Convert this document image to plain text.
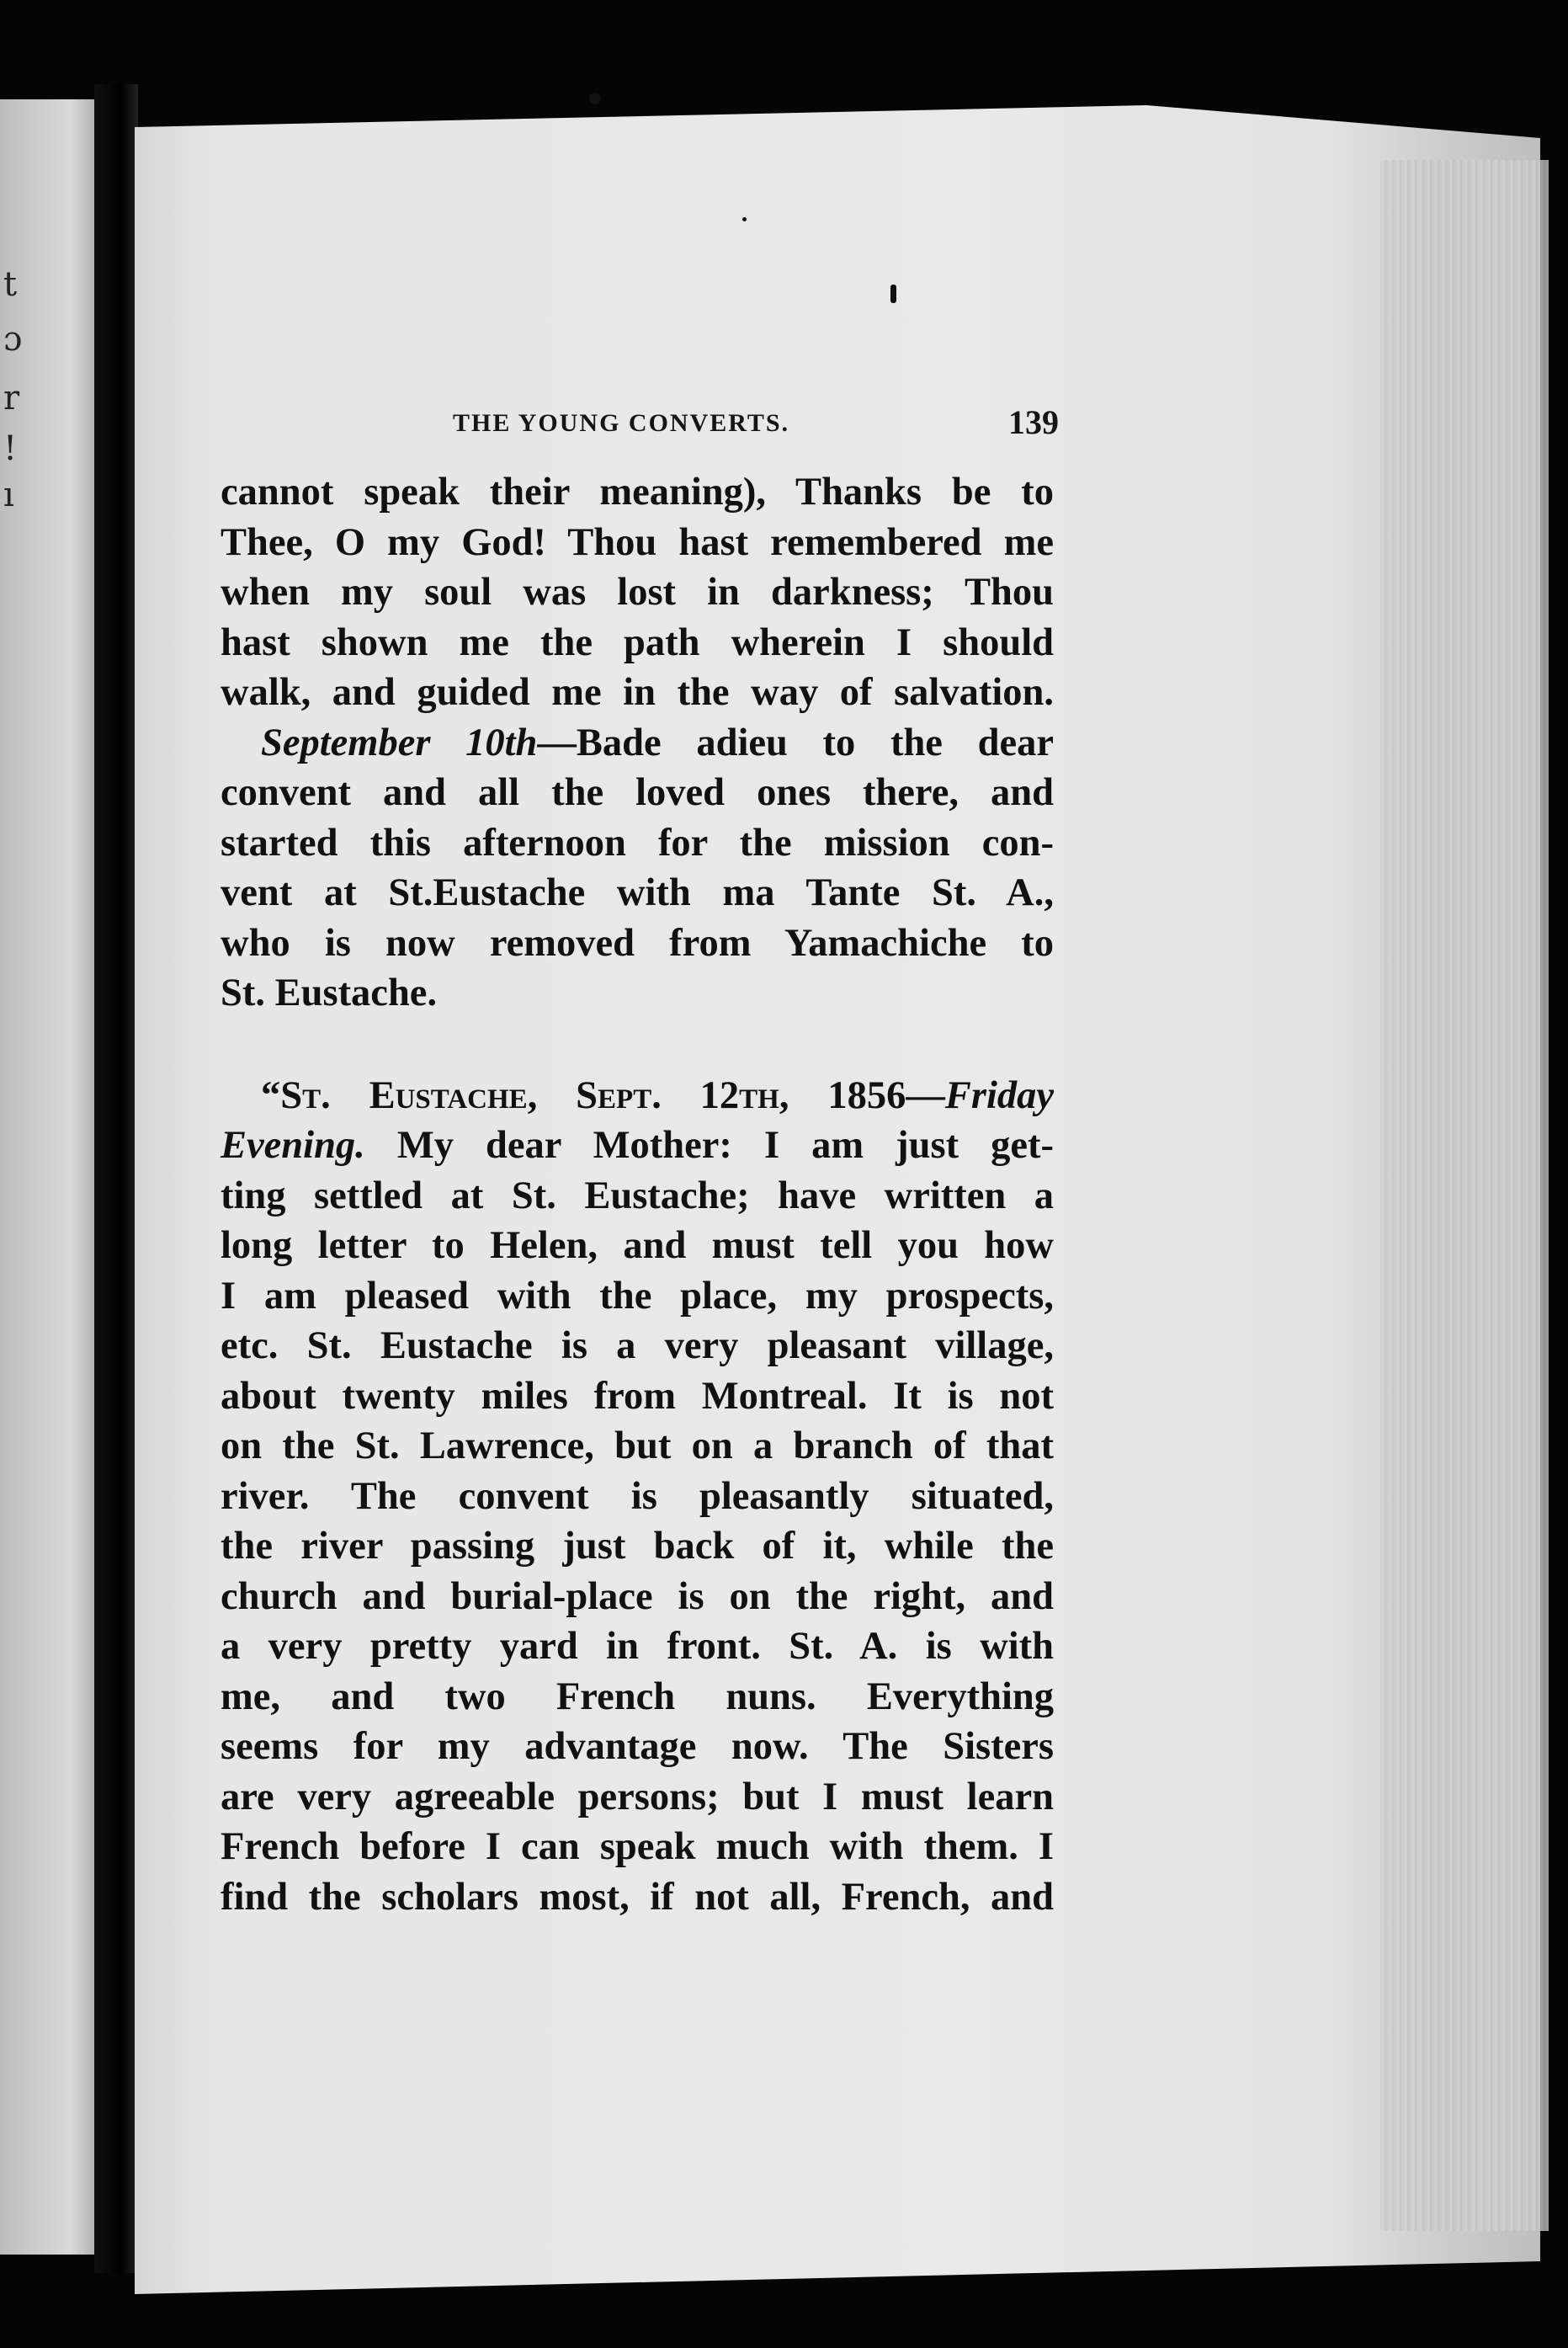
t
ɔ
r
!
ı
THE YOUNG CONVERTS.	139
cannot speak their meaning), Thanks be to
Thee, O my God! Thou hast remembered me
when my soul was lost in darkness; Thou
hast shown me the path wherein I should
walk, and guided me in the way of salvation.
September 10th—Bade adieu to the dear
convent and all the loved ones there, and
started this afternoon for the mission con-
vent at St.Eustache with ma Tante St. A.,
who is now removed from Yamachiche to
St. Eustache.
“St. Eustache, Sept. 12th, 1856—Friday
Evening. My dear Mother: I am just get-
ting settled at St. Eustache; have written a
long letter to Helen, and must tell you how
I am pleased with the place, my prospects,
etc. St. Eustache is a very pleasant village,
about twenty miles from Montreal. It is not
on the St. Lawrence, but on a branch of that
river. The convent is pleasantly situated,
the river passing just back of it, while the
church and burial-place is on the right, and
a very pretty yard in front. St. A. is with
me, and two French nuns. Everything
seems for my advantage now. The Sisters
are very agreeable persons; but I must learn
French before I can speak much with them. I
find the scholars most, if not all, French, and
